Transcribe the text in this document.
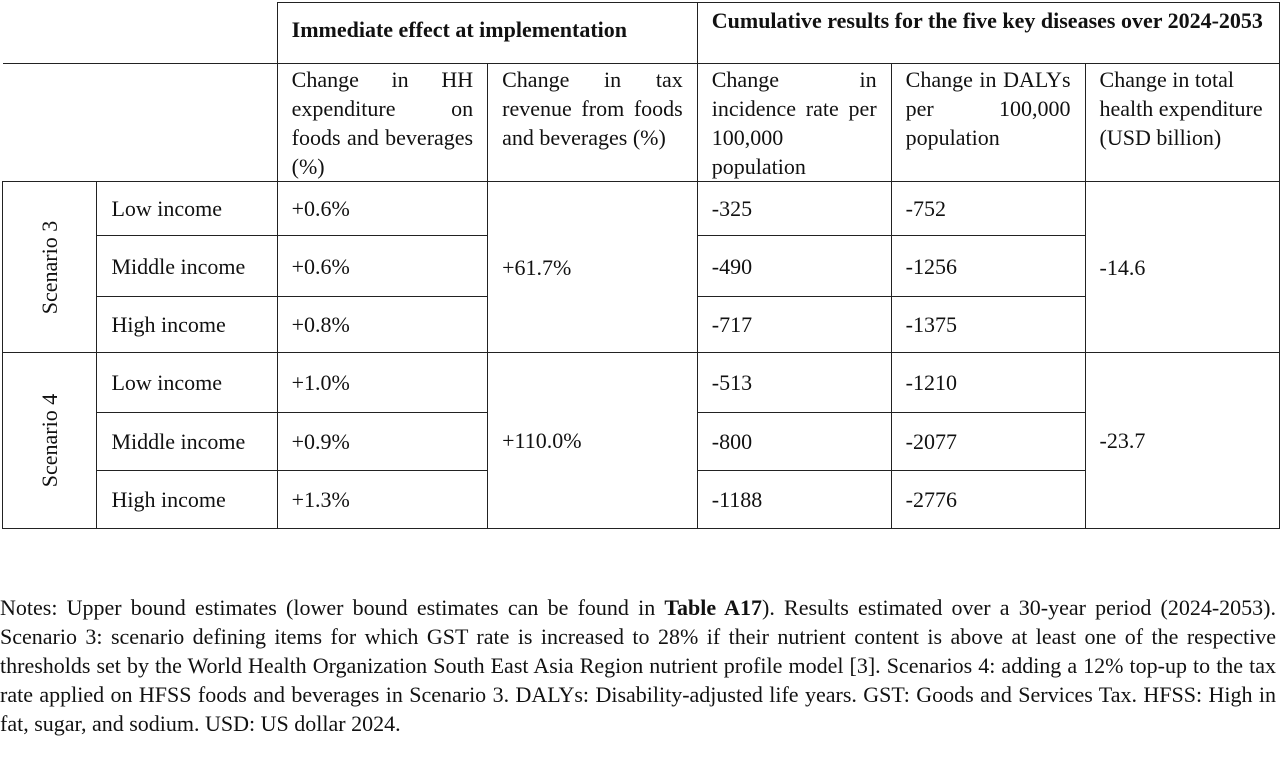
		Immediate effect at implementation		Cumulative results for the five key diseases over 2024-2053		
		Change in HH expenditure on foods and beverages (%)	Change in tax revenue from foods and beverages (%)	Change in incidence rate per 100,000 population	Change in DALYs per 100,000 population	Change in total health expenditure (USD billion)
Scenario 3	Low income	+0.6%	+61.7%	-325	-752	-14.6
	Middle income	+0.6%		-490	-1256	
	High income	+0.8%		-717	-1375	
Scenario 4	Low income	+1.0%	+110.0%	-513	-1210	-23.7
	Middle income	+0.9%		-800	-2077	
	High income	+1.3%		-1188	-2776	

Notes: Upper bound estimates (lower bound estimates can be found in Table A17). Results estimated over a 30-year period (2024-2053). Scenario 3: scenario defining items for which GST rate is increased to 28% if their nutrient content is above at least one of the respective thresholds set by the World Health Organization South East Asia Region nutrient profile model [3]. Scenarios 4: adding a 12% top-up to the tax rate applied on HFSS foods and beverages in Scenario 3. DALYs: Disability-adjusted life years. GST: Goods and Services Tax. HFSS: High in fat, sugar, and sodium. USD: US dollar 2024.
